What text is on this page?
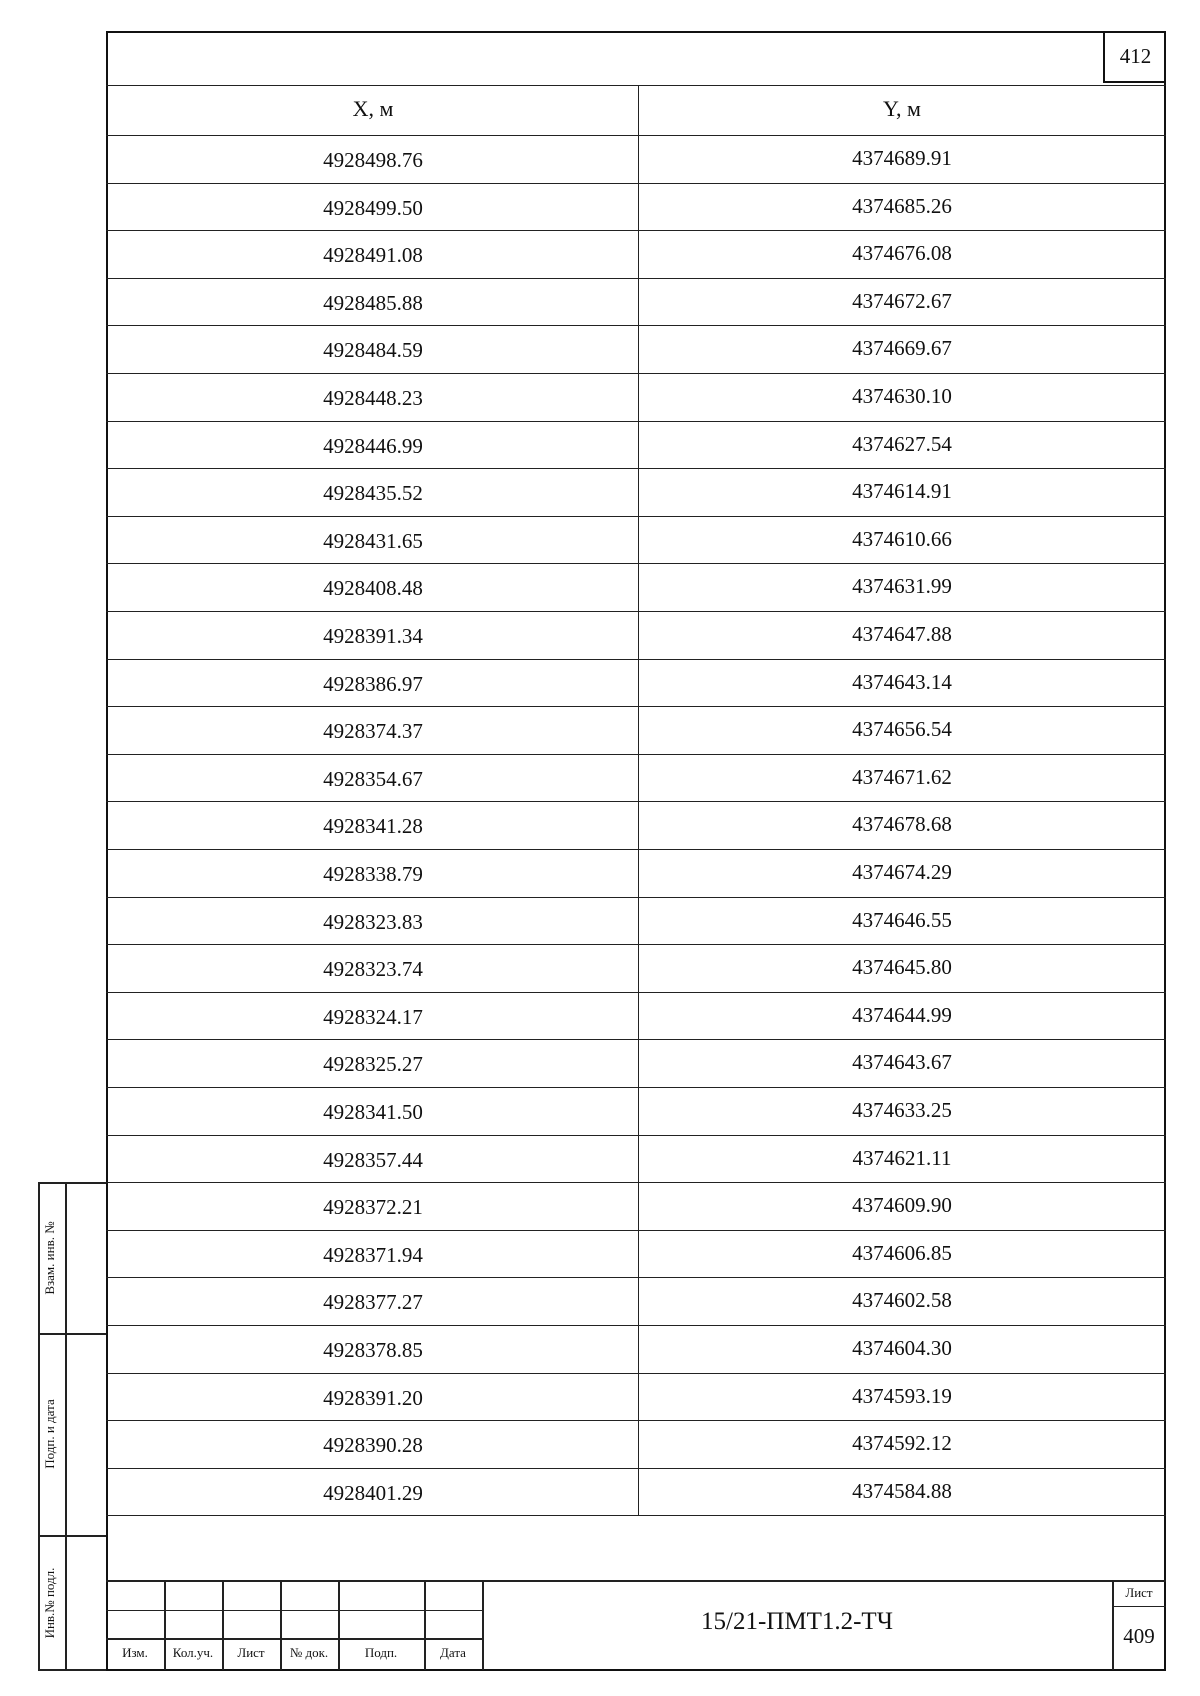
412
X, м	Y, м
4928498.76	4374689.91
4928499.50	4374685.26
4928491.08	4374676.08
4928485.88	4374672.67
4928484.59	4374669.67
4928448.23	4374630.10
4928446.99	4374627.54
4928435.52	4374614.91
4928431.65	4374610.66
4928408.48	4374631.99
4928391.34	4374647.88
4928386.97	4374643.14
4928374.37	4374656.54
4928354.67	4374671.62
4928341.28	4374678.68
4928338.79	4374674.29
4928323.83	4374646.55
4928323.74	4374645.80
4928324.17	4374644.99
4928325.27	4374643.67
4928341.50	4374633.25
4928357.44	4374621.11
4928372.21	4374609.90
4928371.94	4374606.85
4928377.27	4374602.58
4928378.85	4374604.30
4928391.20	4374593.19
4928390.28	4374592.12
4928401.29	4374584.88
Взам. инв. №
Подп. и дата
Инв.№ подл.
Изм.	Кол.уч.	Лист	№ док.	Подп.	Дата
15/21-ПМТ1.2-ТЧ
Лист
409
